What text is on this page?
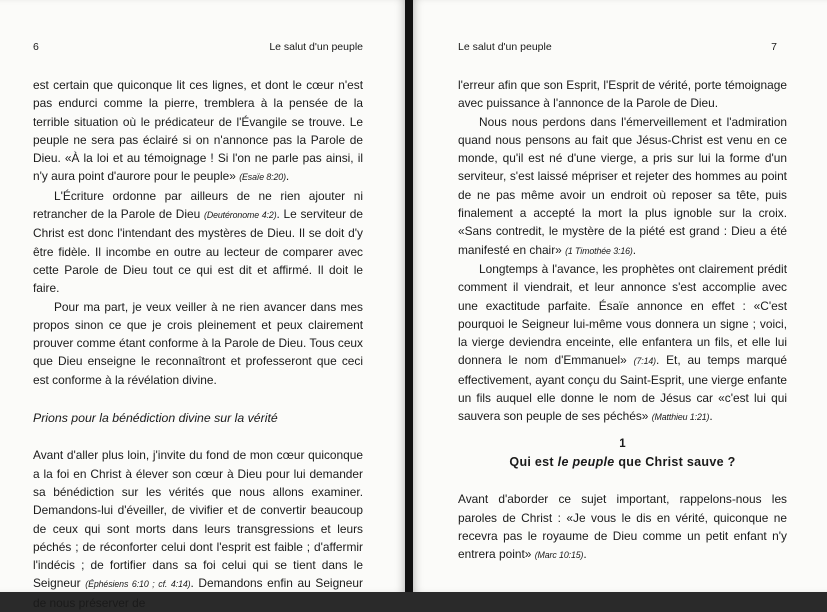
6	Le salut d'un peuple

est certain que quiconque lit ces lignes, et dont le cœur n'est pas endurci comme la pierre, tremblera à la pensée de la terrible situation où le prédicateur de l'Évangile se trouve. Le peuple ne sera pas éclairé si on n'annonce pas la Parole de Dieu. «À la loi et au témoignage ! Si l'on ne parle pas ainsi, il n'y aura point d'aurore pour le peuple» (Esaïe 8:20).

L'Écriture ordonne par ailleurs de ne rien ajouter ni retrancher de la Parole de Dieu (Deutéronome 4:2). Le serviteur de Christ est donc l'intendant des mystères de Dieu. Il se doit d'y être fidèle. Il incombe en outre au lecteur de comparer avec cette Parole de Dieu tout ce qui est dit et affirmé. Il doit le faire.

Pour ma part, je veux veiller à ne rien avancer dans mes propos sinon ce que je crois pleinement et peux clairement prouver comme étant conforme à la Parole de Dieu. Tous ceux que Dieu enseigne le reconnaîtront et professeront que ceci est conforme à la révélation divine.

Prions pour la bénédiction divine sur la vérité

Avant d'aller plus loin, j'invite du fond de mon cœur quiconque a la foi en Christ à élever son cœur à Dieu pour lui demander sa bénédiction sur les vérités que nous allons examiner. Demandons-lui d'éveiller, de vivifier et de convertir beaucoup de ceux qui sont morts dans leurs transgressions et leurs péchés ; de réconforter celui dont l'esprit est faible ; d'affermir l'indécis ; de fortifier dans sa foi celui qui se tient dans le Seigneur (Éphésiens 6:10 ; cf. 4:14). Demandons enfin au Seigneur de nous préserver de

Le salut d'un peuple	7

l'erreur afin que son Esprit, l'Esprit de vérité, porte témoignage avec puissance à l'annonce de la Parole de Dieu.

Nous nous perdons dans l'émerveillement et l'admiration quand nous pensons au fait que Jésus-Christ est venu en ce monde, qu'il est né d'une vierge, a pris sur lui la forme d'un serviteur, s'est laissé mépriser et rejeter des hommes au point de ne pas même avoir un endroit où reposer sa tête, puis finalement a accepté la mort la plus ignoble sur la croix. «Sans contredit, le mystère de la piété est grand : Dieu a été manifesté en chair» (1 Timothée 3:16).

Longtemps à l'avance, les prophètes ont clairement prédit comment il viendrait, et leur annonce s'est accomplie avec une exactitude parfaite. Ésaïe annonce en effet : «C'est pourquoi le Seigneur lui-même vous donnera un signe ; voici, la vierge deviendra enceinte, elle enfantera un fils, et elle lui donnera le nom d'Emmanuel» (7:14). Et, au temps marqué effectivement, ayant conçu du Saint-Esprit, une vierge enfante un fils auquel elle donne le nom de Jésus car «c'est lui qui sauvera son peuple de ses péchés» (Matthieu 1:21).

1

Qui est le peuple que Christ sauve ?

Avant d'aborder ce sujet important, rappelons-nous les paroles de Christ : «Je vous le dis en vérité, quiconque ne recevra pas le royaume de Dieu comme un petit enfant n'y entrera point» (Marc 10:15).
